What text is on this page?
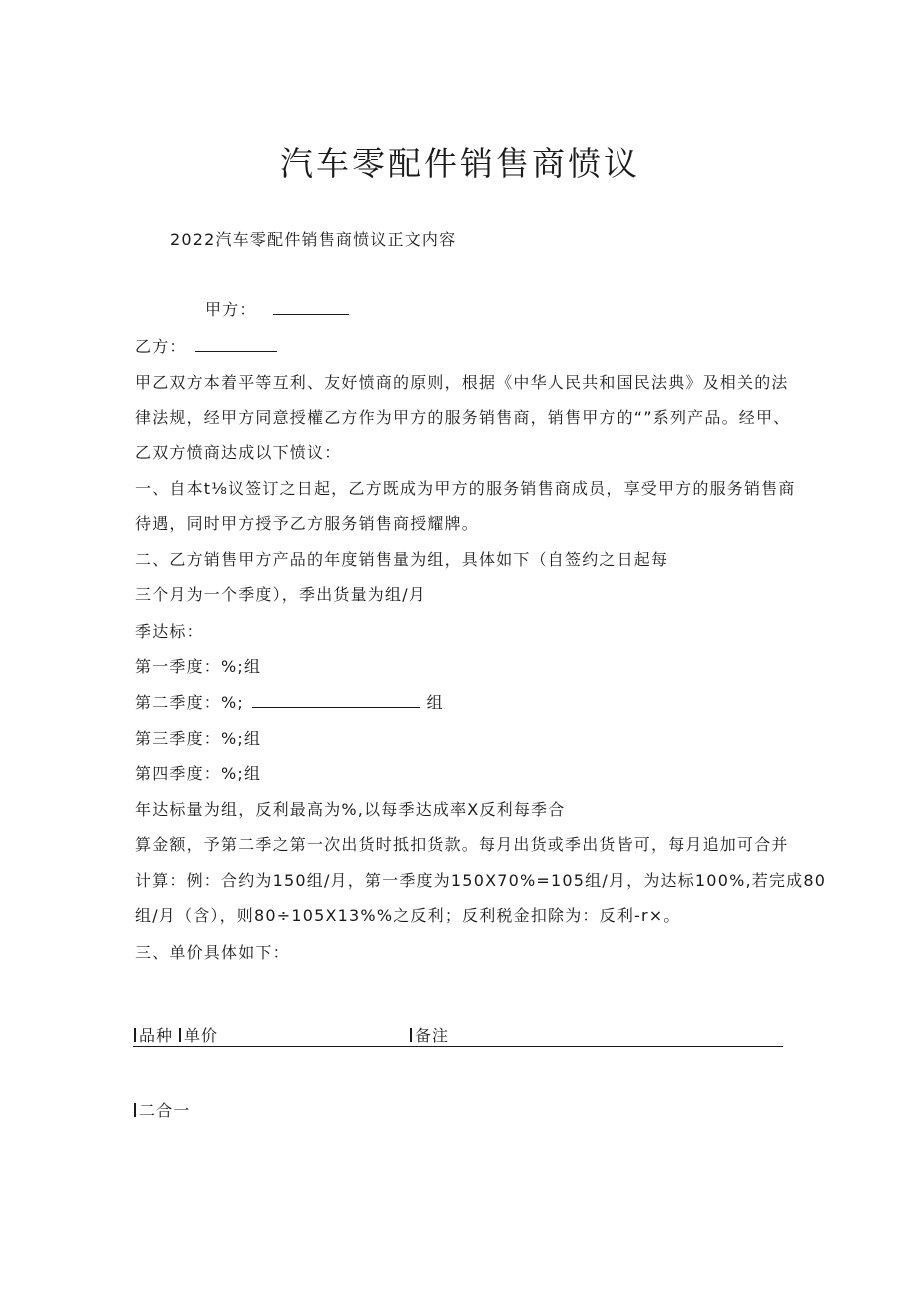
汽车零配件销售商愤议
2022汽车零配件销售商愤议正文内容
甲方：
乙方：
甲乙双方本着平等互利、友好愤商的原则，根据《中华人民共和国民法典》及相关的法
律法规，经甲方同意授權乙方作为甲方的服务销售商，销售甲方的“”系列产品。经甲、
乙双方愤商达成以下愤议：
一、自本t⅛议签订之日起，乙方既成为甲方的服务销售商成员，享受甲方的服务销售商
待遇，同时甲方授予乙方服务销售商授耀牌。
二、乙方销售甲方产品的年度销售量为组，具体如下（自签约之日起每
三个月为一个季度），季出货量为组/月
季达标：
第一季度：%;组
第二季度：%;	组
第三季度：%;组
第四季度：%;组
年达标量为组，反利最高为%,以每季达成率X反利每季合
算金额，予第二季之第一次出货时抵扣货款。每月出货或季出货皆可，每月追加可合并
计算：例：合约为150组/月，第一季度为150X70%=105组/月，为达标100%,若完成80
组/月（含），则80÷105X13%%之反利；反利税金扣除为：反利-r×。
三、单价具体如下：
品种 单价	备注
二合一
